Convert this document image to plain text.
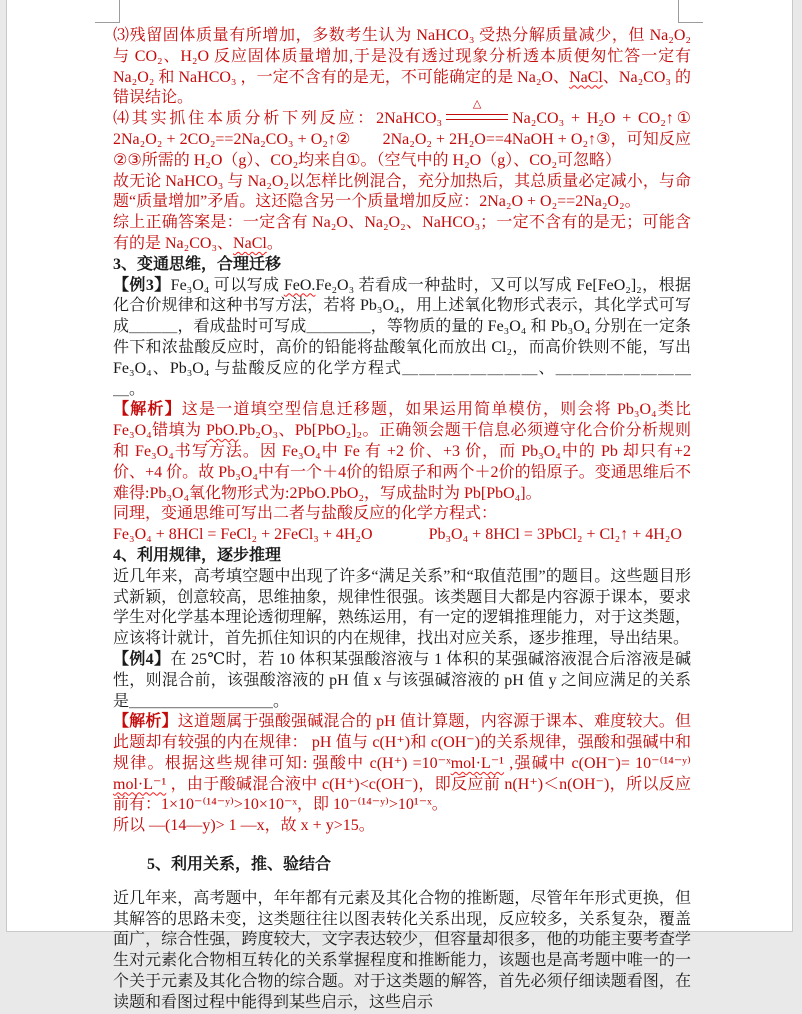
⑶残留固体质量有所增加，多数考生认为 NaHCO₃ 受热分解质量减少，但 Na₂O₂ 与 CO₂、H₂O 反应固体质量增加,于是没有透过现象分析透本质便匆忙答一定有 Na₂O₂ 和 NaHCO₃ ，一定不含有的是无，不可能确定的是 Na₂O、NaCl、Na₂CO₃ 的错误结论。

⑷其实抓住本质分析下列反应：2NaHCO₃
△
Na₂CO₃ + H₂O + CO₂↑①　　2Na₂O₂ + 2CO₂==2Na₂CO₃ + O₂↑②　　2Na₂O₂ + 2H₂O==4NaOH + O₂↑③，可知反应②③所需的 H₂O（g）、CO₂均来自①。（空气中的 H₂O（g）、CO₂可忽略）

故无论 NaHCO₃ 与 Na₂O₂以怎样比例混合，充分加热后，其总质量必定减小，与命题“质量增加”矛盾。这还隐含另一个质量增加反应：2Na₂O + O₂==2Na₂O₂。

综上正确答案是：一定含有 Na₂O、Na₂O₂、NaHCO₃；一定不含有的是无；可能含有的是 Na₂CO₃、NaCl。

3、变通思维，合理迁移

【例3】Fe₃O₄ 可以写成 FeO.Fe₂O₃ 若看成一种盐时，又可以写成 Fe[FeO₂]₂，根据化合价规律和这种书写方法，若将 Pb₃O₄，用上述氧化物形式表示，其化学式可写成＿＿＿，看成盐时可写成＿＿＿＿，等物质的量的 Fe₃O₄ 和 Pb₃O₄ 分别在一定条件下和浓盐酸反应时，高价的铅能将盐酸氧化而放出 Cl₂，而高价铁则不能，写出 Fe₃O₄、Pb₃O₄ 与盐酸反应的化学方程式＿＿＿＿＿＿＿＿、＿＿＿＿＿＿＿＿＿。

【解析】这是一道填空型信息迁移题，如果运用简单模仿，则会将 Pb₃O₄类比 Fe₃O₄错填为 PbO.Pb₂O₃、Pb[PbO₂]₂。正确领会题干信息必须遵守化合价分析规则和 Fe₃O₄书写方法。因 Fe₃O₄中 Fe 有 +2 价、+3 价，而 Pb₃O₄中的 Pb 却只有+2 价、+4 价。故 Pb₃O₄中有一个＋4价的铅原子和两个＋2价的铅原子。变通思维后不难得:Pb₃O₄氧化物形式为:2PbO.PbO₂，写成盐时为 Pb[PbO₄]。

同理，变通思维可写出二者与盐酸反应的化学方程式：

Fe₃O₄ + 8HCl = FeCl₂ + 2FeCl₃ + 4H₂O	Pb₃O₄ + 8HCl = 3PbCl₂ + Cl₂↑ + 4H₂O

4、利用规律，逐步推理

近几年来，高考填空题中出现了许多“满足关系”和“取值范围”的题目。这些题目形式新颖，创意较高，思维抽象，规律性很强。该类题目大都是内容源于课本，要求学生对化学基本理论透彻理解，熟练运用，有一定的逻辑推理能力，对于这类题，应该将计就计，首先抓住知识的内在规律，找出对应关系，逐步推理，导出结果。

【例4】在 25℃时，若 10 体积某强酸溶液与 1 体积的某强碱溶液混合后溶液是碱性，则混合前，该强酸溶液的 pH 值 x 与该强碱溶液的 pH 值 y 之间应满足的关系是＿＿＿＿＿＿＿＿＿。

【解析】这道题属于强酸强碱混合的 pH 值计算题，内容源于课本、难度较大。但此题却有较强的内在规律： pH 值与 c(H⁺)和 c(OH⁻)的关系规律，强酸和强碱中和规律。根据这些规律可知: 强酸中 c(H⁺) =10⁻ˣmol·L⁻¹ ,强碱中 c(OH⁻)= 10⁻⁽¹⁴⁻ʸ⁾mol·L⁻¹ ，由于酸碱混合液中 c(H⁺)<c(OH⁻)，即反应前 n(H⁺)＜n(OH⁻)，所以反应前有：1×10⁻⁽¹⁴⁻ʸ⁾>10×10⁻ˣ，即 10⁻⁽¹⁴⁻ʸ⁾>10¹⁻ˣ。

所以 —(14—y)> 1 —x，故 x + y>15。

5、利用关系，推、验结合

近几年来，高考题中，年年都有元素及其化合物的推断题，尽管年年形式更换，但其解答的思路未变，这类题往往以图表转化关系出现，反应较多，关系复杂，覆盖面广，综合性强，跨度较大，文字表达较少，但容量却很多，他的功能主要考查学生对元素化合物相互转化的关系掌握程度和推断能力，该题也是高考题中唯一的一个关于元素及其化合物的综合题。对于这类题的解答，首先必须仔细读题看图，在读题和看图过程中能得到某些启示，这些启示
